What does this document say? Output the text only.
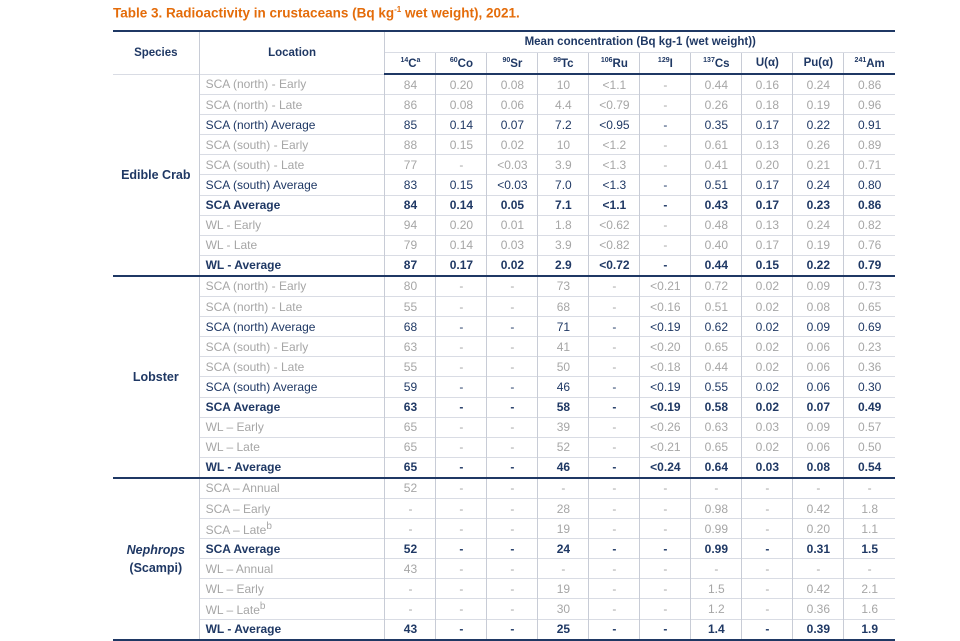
Table 3. Radioactivity in crustaceans (Bq $kg^{-1}$ wet weight), 2021.
Species	Location	Mean concentration (Bq kg-1 (wet weight))									
		$^{14}C^a$	$^{60}$Co	$^{90}$Sr	$^{99}$Tc	$^{106}$Ru	$^{129}$I	$^{137}$Cs	U(α)	Pu(α)	$^{241}$Am
Edible Crab	SCA (north) - Early	84	0.20	0.08	10	<1.1	-	0.44	0.16	0.24	0.86
	SCA (north) - Late	86	0.08	0.06	4.4	<0.79	-	0.26	0.18	0.19	0.96
	SCA (north) Average	85	0.14	0.07	7.2	<0.95	-	0.35	0.17	0.22	0.91
	SCA (south) - Early	88	0.15	0.02	10	<1.2	-	0.61	0.13	0.26	0.89
	SCA (south) - Late	77	-	<0.03	3.9	<1.3	-	0.41	0.20	0.21	0.71
	SCA (south) Average	83	0.15	<0.03	7.0	<1.3	-	0.51	0.17	0.24	0.80
	SCA Average	84	0.14	0.05	7.1	<1.1	-	0.43	0.17	0.23	0.86
	WL - Early	94	0.20	0.01	1.8	<0.62	-	0.48	0.13	0.24	0.82
	WL - Late	79	0.14	0.03	3.9	<0.82	-	0.40	0.17	0.19	0.76
	WL - Average	87	0.17	0.02	2.9	<0.72	-	0.44	0.15	0.22	0.79
Lobster	SCA (north) - Early	80	-	-	73	-	<0.21	0.72	0.02	0.09	0.73
	SCA (north) - Late	55	-	-	68	-	<0.16	0.51	0.02	0.08	0.65
	SCA (north) Average	68	-	-	71	-	<0.19	0.62	0.02	0.09	0.69
	SCA (south) - Early	63	-	-	41	-	<0.20	0.65	0.02	0.06	0.23
	SCA (south) - Late	55	-	-	50	-	<0.18	0.44	0.02	0.06	0.36
	SCA (south) Average	59	-	-	46	-	<0.19	0.55	0.02	0.06	0.30
	SCA Average	63	-	-	58	-	<0.19	0.58	0.02	0.07	0.49
	WL – Early	65	-	-	39	-	<0.26	0.63	0.03	0.09	0.57
	WL – Late	65	-	-	52	-	<0.21	0.65	0.02	0.06	0.50
	WL - Average	65	-	-	46	-	<0.24	0.64	0.03	0.08	0.54
Nephrops
(Scampi)	SCA – Annual	52	-	-	-	-	-	-	-	-	-
	SCA – Early	-	-	-	28	-	-	0.98	-	0.42	1.8
	SCA – Late$^b$	-	-	-	19	-	-	0.99	-	0.20	1.1
	SCA Average	52	-	-	24	-	-	0.99	-	0.31	1.5
	WL – Annual	43	-	-	-	-	-	-	-	-	-
	WL – Early	-	-	-	19	-	-	1.5	-	0.42	2.1
	WL – Late$^b$	-	-	-	30	-	-	1.2	-	0.36	1.6
	WL - Average	43	-	-	25	-	-	1.4	-	0.39	1.9
